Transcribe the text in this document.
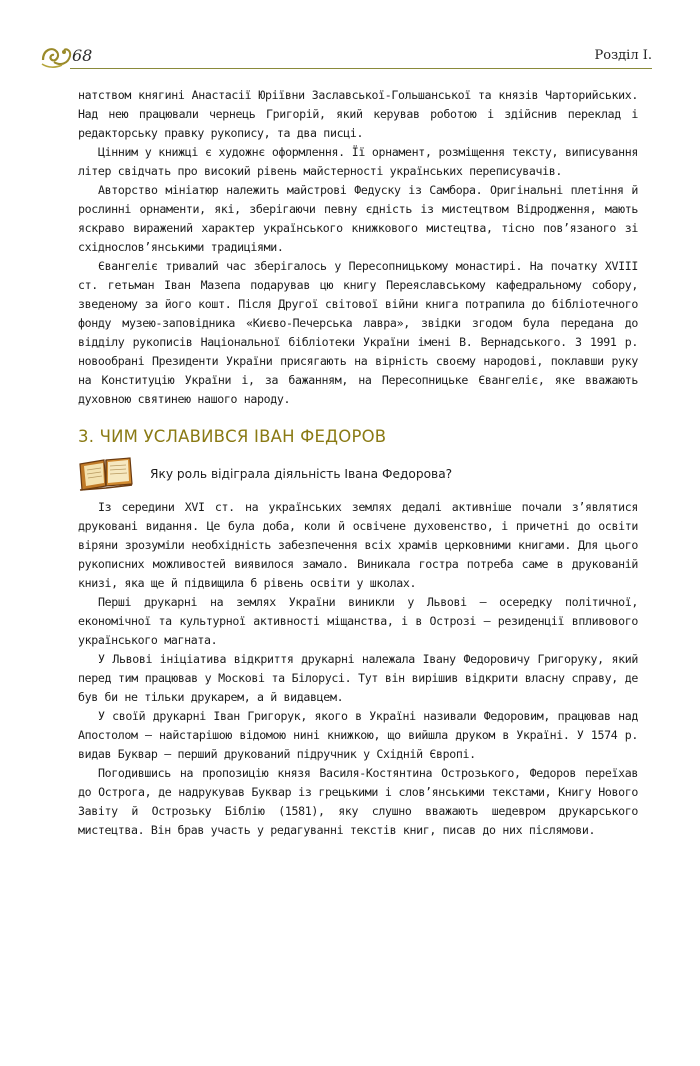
68	Розділ I.

натством княгині Анастасії Юріївни Заславської-Гольшанської та князів Чарторийських. Над нею працювали чернець Григорій, який керував роботою і здійснив переклад і редакторську правку рукопису, та два писці.

Цінним у книжці є художнє оформлення. Її орнамент, розміщення тексту, виписування літер свідчать про високий рівень майстерності українських переписувачів.

Авторство мініатюр належить майстрові Федуску із Самбора. Оригінальні плетіння й рослинні орнаменти, які, зберігаючи певну єдність із мистецтвом Відродження, мають яскраво виражений характер українського книжкового мистецтва, тісно пов’язаного зі східнослов’янськими традиціями.

Євангеліє тривалий час зберігалось у Пересопницькому монастирі. На початку XVIII ст. гетьман Іван Мазепа подарував цю книгу Переяславському кафедральному собору, зведеному за його кошт. Після Другої світової війни книга потрапила до бібліотечного фонду музею-заповідника «Києво-Печерська лавра», звідки згодом була передана до відділу рукописів Національної бібліотеки України імені В. Вернадського. З 1991 р. новообрані Президенти України присягають на вірність своєму народові, поклавши руку на Конституцію України і, за бажанням, на Пересопницьке Євангеліє, яке вважають духовною святинею нашого народу.

3. ЧИМ УСЛАВИВСЯ ІВАН ФЕДОРОВ
Яку роль відіграла діяльність Івана Федорова?

Із середини XVI ст. на українських землях дедалі активніше почали з’являтися друковані видання. Це була доба, коли й освічене духовенство, і причетні до освіти віряни зрозуміли необхідність забезпечення всіх храмів церковними книгами. Для цього рукописних можливостей виявилося замало. Виникала гостра потреба саме в друкованій книзі, яка ще й підвищила б рівень освіти у школах.

Перші друкарні на землях України виникли у Львові — осередку політичної, економічної та культурної активності міщанства, і в Острозі — резиденції впливового українського магната.

У Львові ініціатива відкриття друкарні належала Івану Федоровичу Григоруку, який перед тим працював у Москові та Білорусі. Тут він вирішив відкрити власну справу, де був би не тільки друкарем, а й видавцем.

У своїй друкарні Іван Григорук, якого в Україні називали Федоровим, працював над Апостолом — найстарішою відомою нині книжкою, що вийшла друком в Україні. У 1574 р. видав Буквар — перший друкований підручник у Східній Європі.

Погодившись на пропозицію князя Василя-Костянтина Острозького, Федоров переїхав до Острога, де надрукував Буквар із грецькими і слов’янськими текстами, Книгу Нового Завіту й Острозьку Біблію (1581), яку слушно вважають шедевром друкарського мистецтва. Він брав участь у редагуванні текстів книг, писав до них післямови.
